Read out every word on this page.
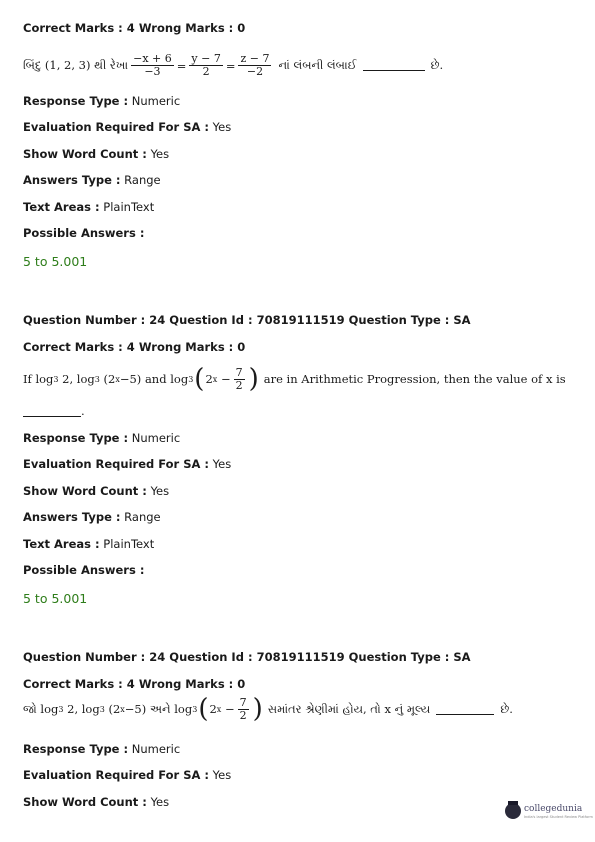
Correct Marks : 4 Wrong Marks : 0
બિંદુ (1, 2, 3) થી રેખા $\frac{-x + 6}{-3} = \frac{y - 7}{2} = \frac{z - 7}{-2}$ નાં લંબની લંબાઈ	છે.
Response Type : Numeric
Evaluation Required For SA : Yes
Show Word Count : Yes
Answers Type : Range
Text Areas : PlainText
Possible Answers :
5 to 5.001
Question Number : 24 Question Id : 70819111519 Question Type : SA
Correct Marks : 4 Wrong Marks : 0
If log 3
2, log 3
(2 x −5) and log 3 ( 2 x
− $\frac{7}{2}$ ) are in Arithmetic Progression, then the value of x is
.
Response Type : Numeric
Evaluation Required For SA : Yes
Show Word Count : Yes
Answers Type : Range
Text Areas : PlainText
Possible Answers :
5 to 5.001
Question Number : 24 Question Id : 70819111519 Question Type : SA
Correct Marks : 4 Wrong Marks : 0
જો log 3
2, log 3
(2 x −5) અને log 3 ( 2 x
− $\frac{7}{2}$ ) સમાંતર શ્રેણીમાં હોય, તો x નું મૂલ્ય	છે.
Response Type : Numeric
Evaluation Required For SA : Yes
Show Word Count : Yes	collegedunia
India's largest Student Review Platform
